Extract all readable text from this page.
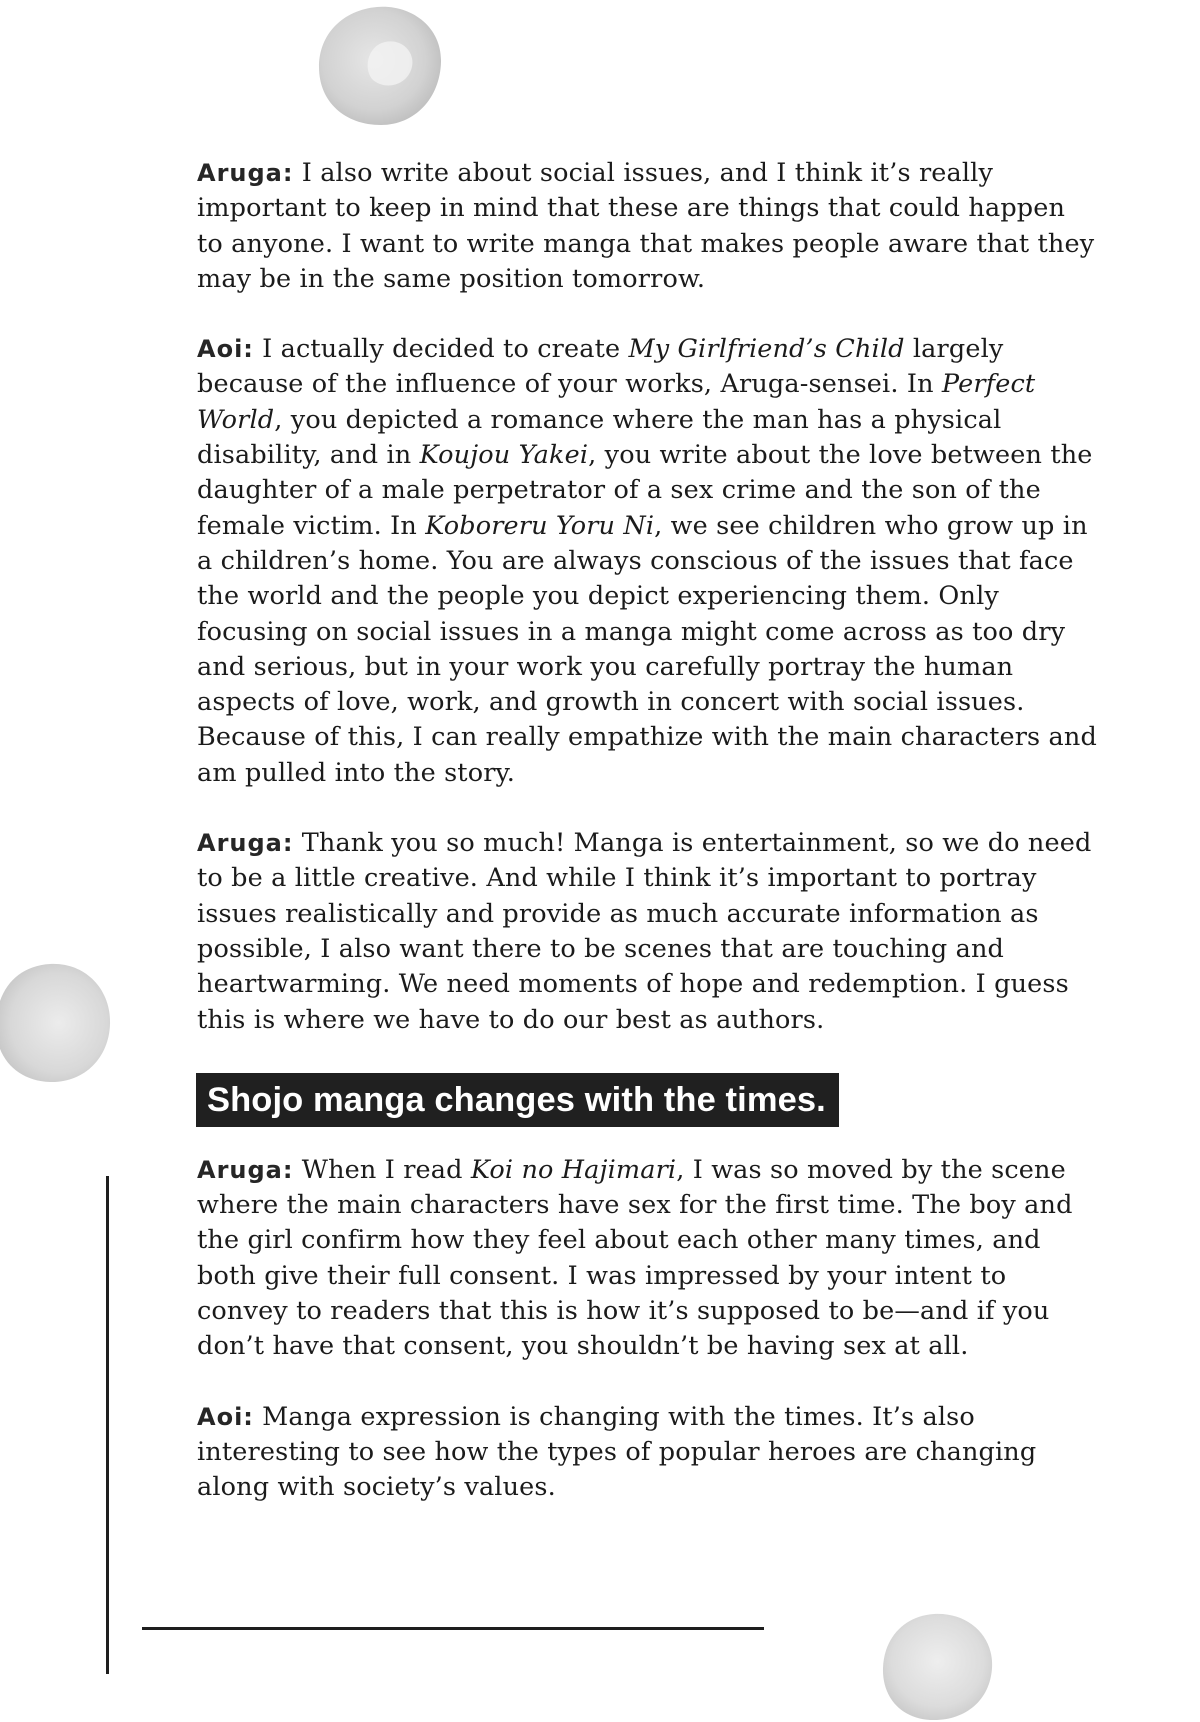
Aruga: I also write about social issues, and I think it’s really important to keep in mind that these are things that could happen to anyone. I want to write manga that makes people aware that they may be in the same position tomorrow.

Aoi: I actually decided to create My Girlfriend’s Child largely because of the influence of your works, Aruga-sensei. In Perfect World, you depicted a romance where the man has a physical disability, and in Koujou Yakei, you write about the love between the daughter of a male perpetrator of a sex crime and the son of the female victim. In Koboreru Yoru Ni, we see children who grow up in a children’s home. You are always conscious of the issues that face the world and the people you depict experiencing them. Only focusing on social issues in a manga might come across as too dry and serious, but in your work you carefully portray the human aspects of love, work, and growth in concert with social issues. Because of this, I can really empathize with the main characters and am pulled into the story.

Aruga: Thank you so much! Manga is entertainment, so we do need to be a little creative. And while I think it’s important to portray issues realistically and provide as much accurate information as possible, I also want there to be scenes that are touching and heartwarming. We need moments of hope and redemption. I guess this is where we have to do our best as authors.

Shojo manga changes with the times.

Aruga: When I read Koi no Hajimari, I was so moved by the scene where the main characters have sex for the first time. The boy and the girl confirm how they feel about each other many times, and both give their full consent. I was impressed by your intent to convey to readers that this is how it’s supposed to be—and if you don’t have that consent, you shouldn’t be having sex at all.

Aoi: Manga expression is changing with the times. It’s also interesting to see how the types of popular heroes are changing along with society’s values.
